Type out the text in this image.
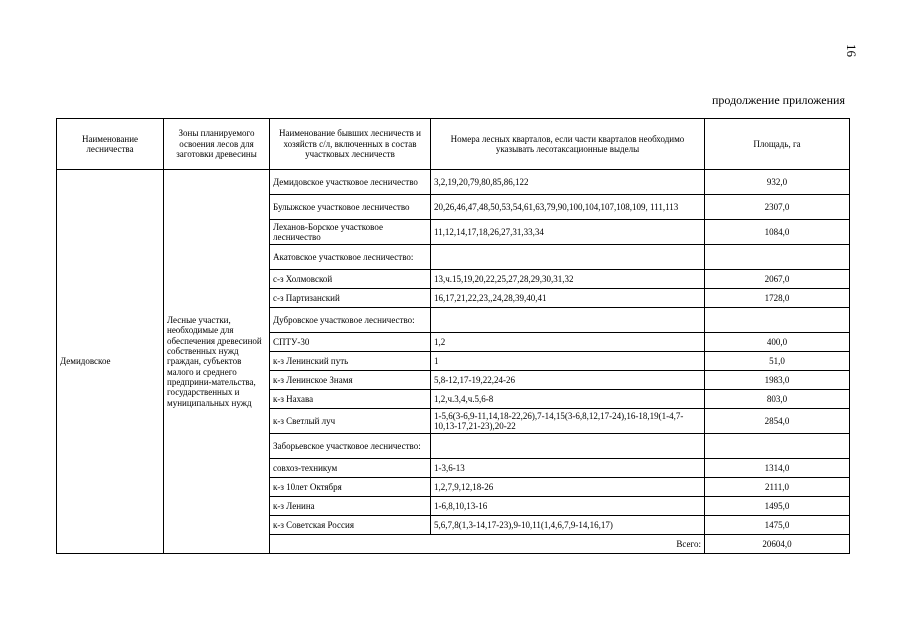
16
продолжение приложения
Наименование лесничества	Зоны планируемого освоения лесов для заготовки древесины	Наименование бывших лесничеств и хозяйств с/л, включенных в состав участковых лесничеств	Номера лесных кварталов, если части кварталов необходимо указывать лесотаксационные выделы	Площадь, га
Демидовское	Лесные участки, необходимые для обеспечения древесиной собственных нужд граждан, субъектов малого и среднего предприни-мательства, государственных и муниципальных нужд	Демидовское участковое лесничество	3,2,19,20,79,80,85,86,122	932,0
		Булыжское участковое лесничество	20,26,46,47,48,50,53,54,61,63,79,90,100,104,107,108,109, 111,113	2307,0
		Леханов-Борское участковое лесничество	11,12,14,17,18,26,27,31,33,34	1084,0
		Акатовское участковое лесничество:		
		с-з Холмовской	13,ч.15,19,20,22,25,27,28,29,30,31,32	2067,0
		с-з Партизанский	16,17,21,22,23,,24,28,39,40,41	1728,0
		Дубровское участковое лесничество:		
		СПТУ-30	1,2	400,0
		к-з Ленинский путь	1	51,0
		к-з Ленинское Знамя	5,8-12,17-19,22,24-26	1983,0
		к-з Нахава	1,2,ч.3,4,ч.5,6-8	803,0
		к-з Светлый луч	1-5,6(3-6,9-11,14,18-22,26),7-14,15(3-6,8,12,17-24),16-18,19(1-4,7-10,13-17,21-23),20-22	2854,0
		Заборьевское участковое лесничество:		
		совхоз-техникум	1-3,6-13	1314,0
		к-з 10лет Октября	1,2,7,9,12,18-26	2111,0
		к-з Ленина	1-6,8,10,13-16	1495,0
		к-з Советская Россия	5,6,7,8(1,3-14,17-23),9-10,11(1,4,6,7,9-14,16,17)	1475,0
		Всего:		20604,0
